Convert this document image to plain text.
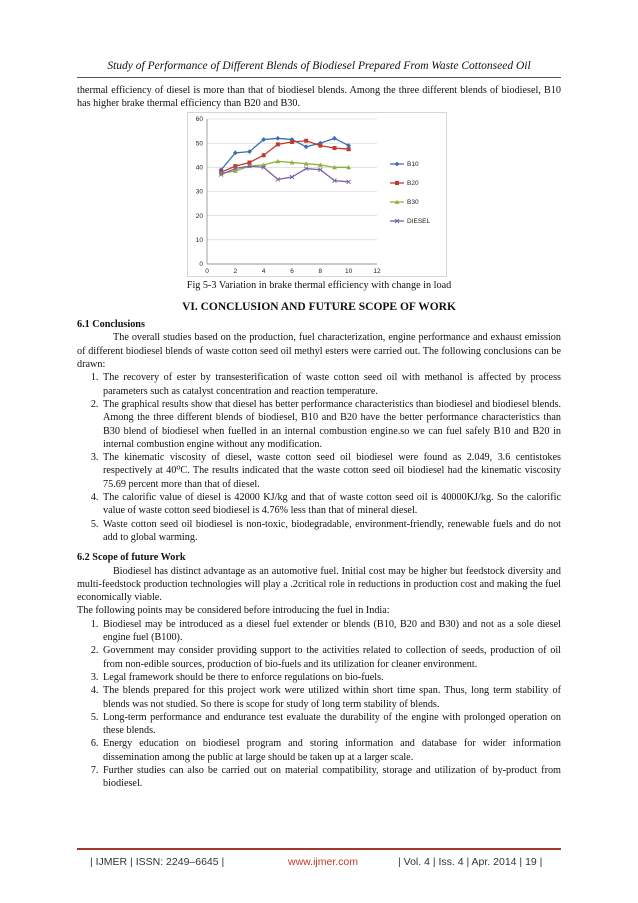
Study of Performance of Different Blends of Biodiesel Prepared From Waste Cottonseed Oil

thermal efficiency of diesel is more than that of biodiesel blends. Among the three different blends of biodiesel, B10 has higher brake thermal efficiency than B20 and B30.

0
10
20
30
40
50
60
0	2	4	6	8	10	12
B10
B20
B30
DIESEL
Fig 5-3 Variation in brake thermal efficiency with change in load
VI. CONCLUSION AND FUTURE SCOPE OF WORK

6.1 Conclusions

The overall studies based on the production, fuel characterization, engine performance and exhaust emission of different biodiesel blends of waste cotton seed oil methyl esters were carried out. The following conclusions can be drawn:

1. The recovery of ester by transesterification of waste cotton seed oil with methanol is affected by process parameters such as catalyst concentration and reaction temperature.
2. The graphical results show that diesel has better performance characteristics than biodiesel and biodiesel blends. Among the three different blends of biodiesel, B10 and B20 have the better performance characteristics than B30 blend of biodiesel when fuelled in an internal combustion engine.so we can fuel safely B10 and B20 in internal combustion engine without any modification.
3. The kinematic viscosity of diesel, waste cotton seed oil biodiesel were found as 2.049, 3.6 centistokes respectively at 40⁰C. The results indicated that the waste cotton seed oil biodiesel had the kinematic viscosity 75.69 percent more than that of diesel.
4. The calorific value of diesel is 42000 KJ/kg and that of waste cotton seed oil is 40000KJ/kg. So the calorific value of waste cotton seed biodiesel is 4.76% less than that of mineral diesel.
5. Waste cotton seed oil biodiesel is non-toxic, biodegradable, environment-friendly, renewable fuels and do not add to global warming.

6.2 Scope of future Work

Biodiesel has distinct advantage as an automotive fuel. Initial cost may be higher but feedstock diversity and multi-feedstock production technologies will play a .2critical role in reductions in production cost and making the fuel economically viable.

The following points may be considered before introducing the fuel in India:

1. Biodiesel may be introduced as a diesel fuel extender or blends (B10, B20 and B30) and not as a sole diesel engine fuel (B100).
2. Government may consider providing support to the activities related to collection of seeds, production of oil from non-edible sources, production of bio-fuels and its utilization for cleaner environment.
3. Legal framework should be there to enforce regulations on bio-fuels.
4. The blends prepared for this project work were utilized within short time span. Thus, long term stability of blends was not studied. So there is scope for study of long term stability of blends.
5. Long-term performance and endurance test evaluate the durability of the engine with prolonged operation on these blends.
6. Energy education on biodiesel program and storing information and database for wider information dissemination among the public at large should be taken up at a larger scale.
7. Further studies can also be carried out on material compatibility, storage and utilization of by-product from biodiesel.
| IJMER | ISSN: 2249–6645 |	www.ijmer.com	| Vol. 4 | Iss. 4 | Apr. 2014 | 19 |
